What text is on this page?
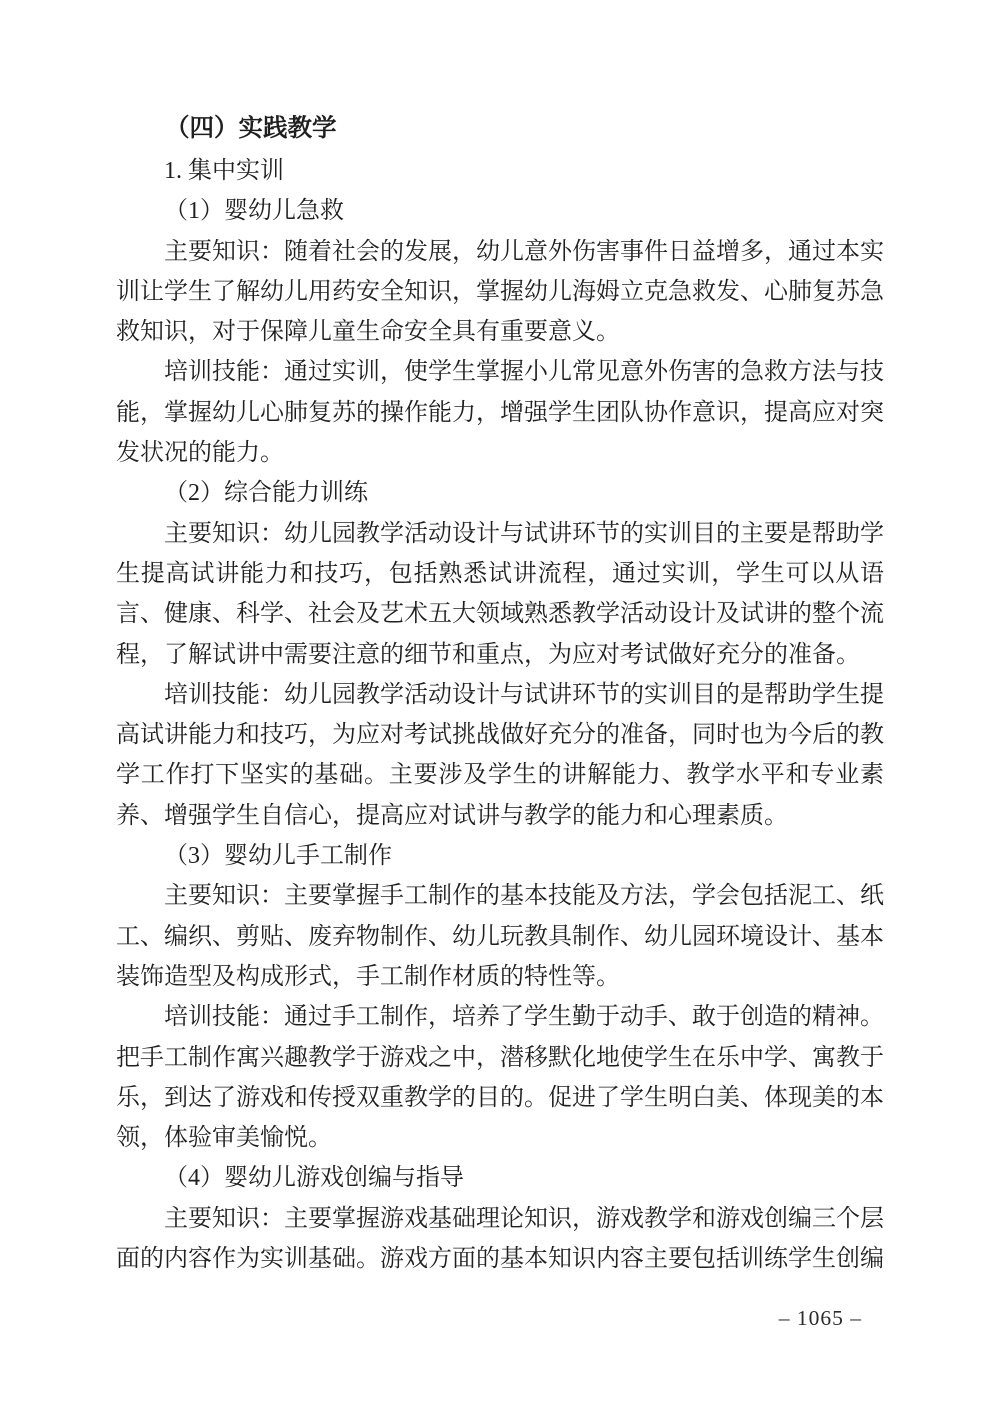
（四）实践教学
1. 集中实训
（1）婴幼儿急救

主要知识：随着社会的发展，幼儿意外伤害事件日益增多，通过本实训让学生了解幼儿用药安全知识，掌握幼儿海姆立克急救发、心肺复苏急救知识，对于保障儿童生命安全具有重要意义。

培训技能：通过实训，使学生掌握小儿常见意外伤害的急救方法与技能，掌握幼儿心肺复苏的操作能力，增强学生团队协作意识，提高应对突发状况的能力。

（2）综合能力训练

主要知识：幼儿园教学活动设计与试讲环节的实训目的主要是帮助学生提高试讲能力和技巧，包括熟悉试讲流程，通过实训，学生可以从语言、健康、科学、社会及艺术五大领域熟悉教学活动设计及试讲的整个流程，了解试讲中需要注意的细节和重点，为应对考试做好充分的准备。

培训技能：幼儿园教学活动设计与试讲环节的实训目的是帮助学生提高试讲能力和技巧，为应对考试挑战做好充分的准备，同时也为今后的教学工作打下坚实的基础。主要涉及学生的讲解能力、教学水平和专业素养、增强学生自信心，提高应对试讲与教学的能力和心理素质。

（3）婴幼儿手工制作

主要知识：主要掌握手工制作的基本技能及方法，学会包括泥工、纸工、编织、剪贴、废弃物制作、幼儿玩教具制作、幼儿园环境设计、基本装饰造型及构成形式，手工制作材质的特性等。

培训技能：通过手工制作，培养了学生勤于动手、敢于创造的精神。把手工制作寓兴趣教学于游戏之中，潜移默化地使学生在乐中学、寓教于乐，到达了游戏和传授双重教学的目的。促进了学生明白美、体现美的本领，体验审美愉悦。

（4）婴幼儿游戏创编与指导

主要知识：主要掌握游戏基础理论知识，游戏教学和游戏创编三个层面的内容作为实训基础。游戏方面的基本知识内容主要包括训练学生创编

– 1065 –
